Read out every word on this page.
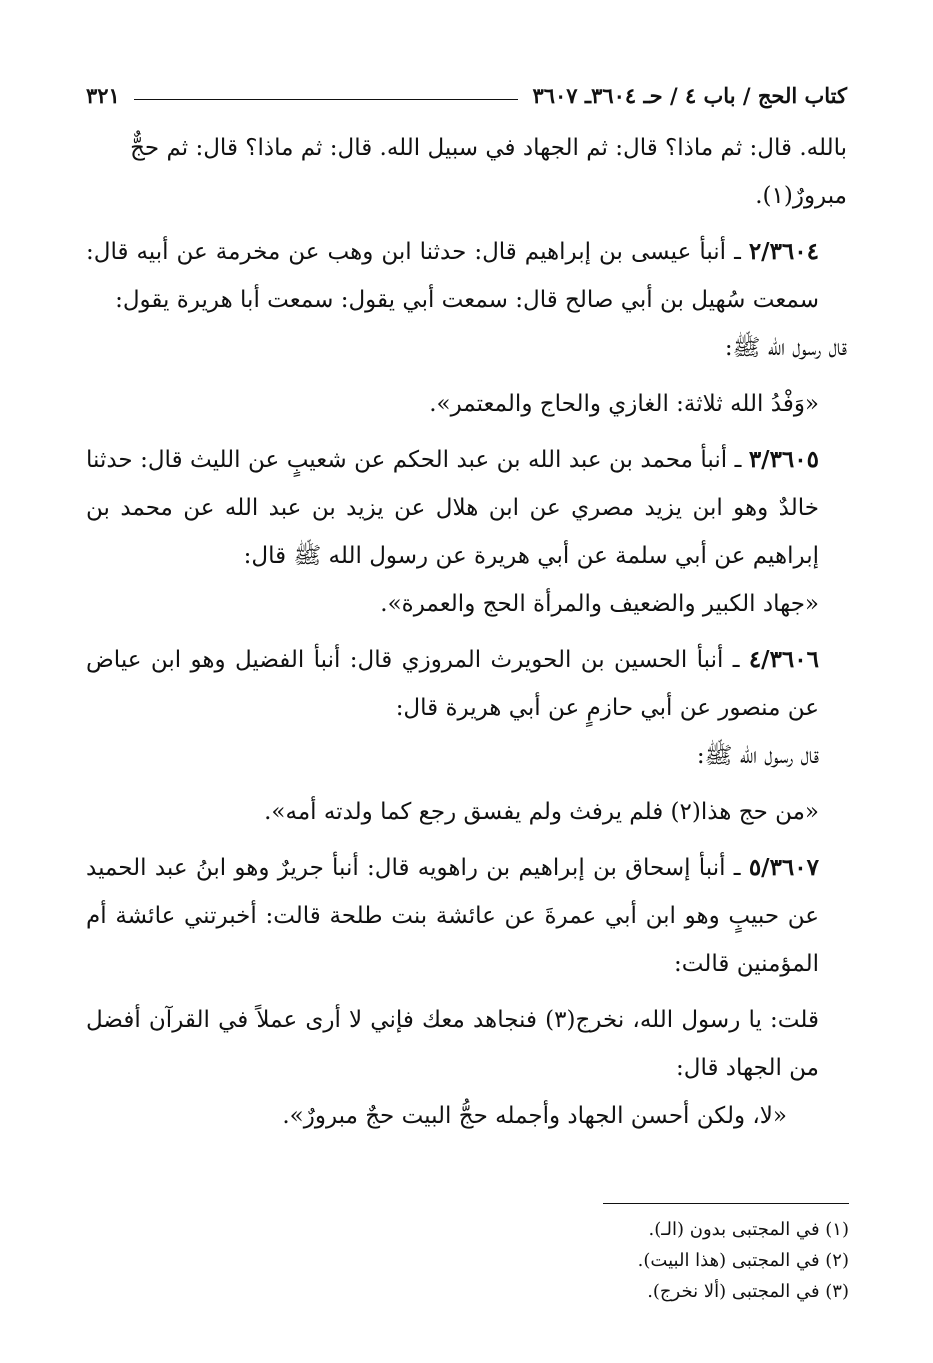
كتاب الحج / باب ٤ / حـ ٣٦٠٤ـ ٣٦٠٧
٣٢١

بالله. قال: ثم ماذا؟ قال: ثم الجهاد في سبيل الله. قال: ثم ماذا؟ قال: ثم حجٌّ
مبرورٌ(١).

٢/٣٦٠٤ ـ أنبأ عيسى بن إبراهيم قال: حدثنا ابن وهب عن مخرمة عن أبيه قال: سمعت سُهيل بن أبي صالح قال: سمعت أبي يقول: سمعت أبا هريرة يقول:

قال رسول الله ﷺ:

«وَفْدُ الله ثلاثة: الغازي والحاج والمعتمر».

٣/٣٦٠٥ ـ أنبأ محمد بن عبد الله بن عبد الحكم عن شعيبٍ عن الليث قال: حدثنا خالدٌ وهو ابن يزيد مصري عن ابن هلال عن يزيد بن عبد الله عن محمد بن إبراهيم عن أبي سلمة عن أبي هريرة عن رسول الله ﷺ قال:

«جهاد الكبير والضعيف والمرأة الحج والعمرة».

٤/٣٦٠٦ ـ أنبأ الحسين بن الحويرث المروزي قال: أنبأ الفضيل وهو ابن عياض عن منصور عن أبي حازمٍ عن أبي هريرة قال:

قال رسول الله ﷺ:

«من حج هذا(٢) فلم يرفث ولم يفسق رجع كما ولدته أمه».

٥/٣٦٠٧ ـ أنبأ إسحاق بن إبراهيم بن راهويه قال: أنبأ جريرٌ وهو ابنُ عبد الحميد عن حبيبٍ وهو ابن أبي عمرةَ عن عائشة بنت طلحة قالت: أخبرتني عائشة أم المؤمنين قالت:

قلت: يا رسول الله، نخرج(٣) فنجاهد معك فإني لا أرى عملاً في القرآن أفضل من الجهاد قال:

«لا، ولكن أحسن الجهاد وأجمله حجُّ البيت حجٌ مبرورٌ».

(١) في المجتبى بدون (الـ).

(٢) في المجتبى (هذا البيت).

(٣) في المجتبى (ألا نخرج).
